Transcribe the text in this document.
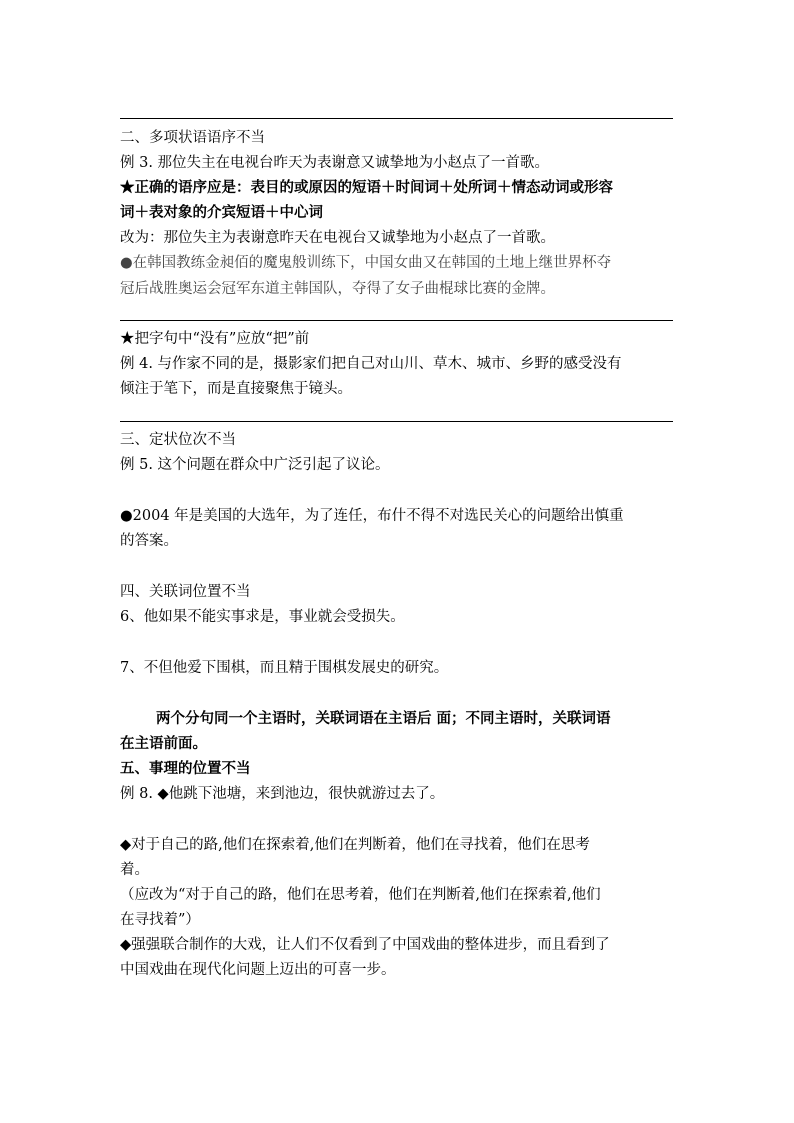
二、多项状语语序不当
例 3. 那位失主在电视台昨天为表谢意又诚挚地为小赵点了一首歌。
★正确的语序应是：表目的或原因的短语＋时间词＋处所词＋情态动词或形容
词＋表对象的介宾短语＋中心词
改为：那位失主为表谢意昨天在电视台又诚挚地为小赵点了一首歌。
●在韩国教练金昶佰的魔鬼般训练下，中国女曲又在韩国的土地上继世界杯夺
冠后战胜奥运会冠军东道主韩国队，夺得了女子曲棍球比赛的金牌。
★把字句中“没有”应放“把”前
例 4. 与作家不同的是，摄影家们把自己对山川、草木、城市、乡野的感受没有
倾注于笔下，而是直接聚焦于镜头。
三、定状位次不当
例 5. 这个问题在群众中广泛引起了议论。
●2004 年是美国的大选年，为了连任，布什不得不对选民关心的问题给出慎重
的答案。
四、关联词位置不当
6、他如果不能实事求是，事业就会受损失。
7、不但他爱下围棋，而且精于围棋发展史的研究。
两个分句同一个主语时，关联词语在主语后 面；不同主语时，关联词语
在主语前面。
五、事理的位置不当
例 8. ◆他跳下池塘，来到池边，很快就游过去了。
◆对于自己的路,他们在探索着,他们在判断着，他们在寻找着，他们在思考
着。
（应改为“对于自己的路，他们在思考着，他们在判断着,他们在探索着,他们
在寻找着”）
◆强强联合制作的大戏，让人们不仅看到了中国戏曲的整体进步，而且看到了
中国戏曲在现代化问题上迈出的可喜一步。
